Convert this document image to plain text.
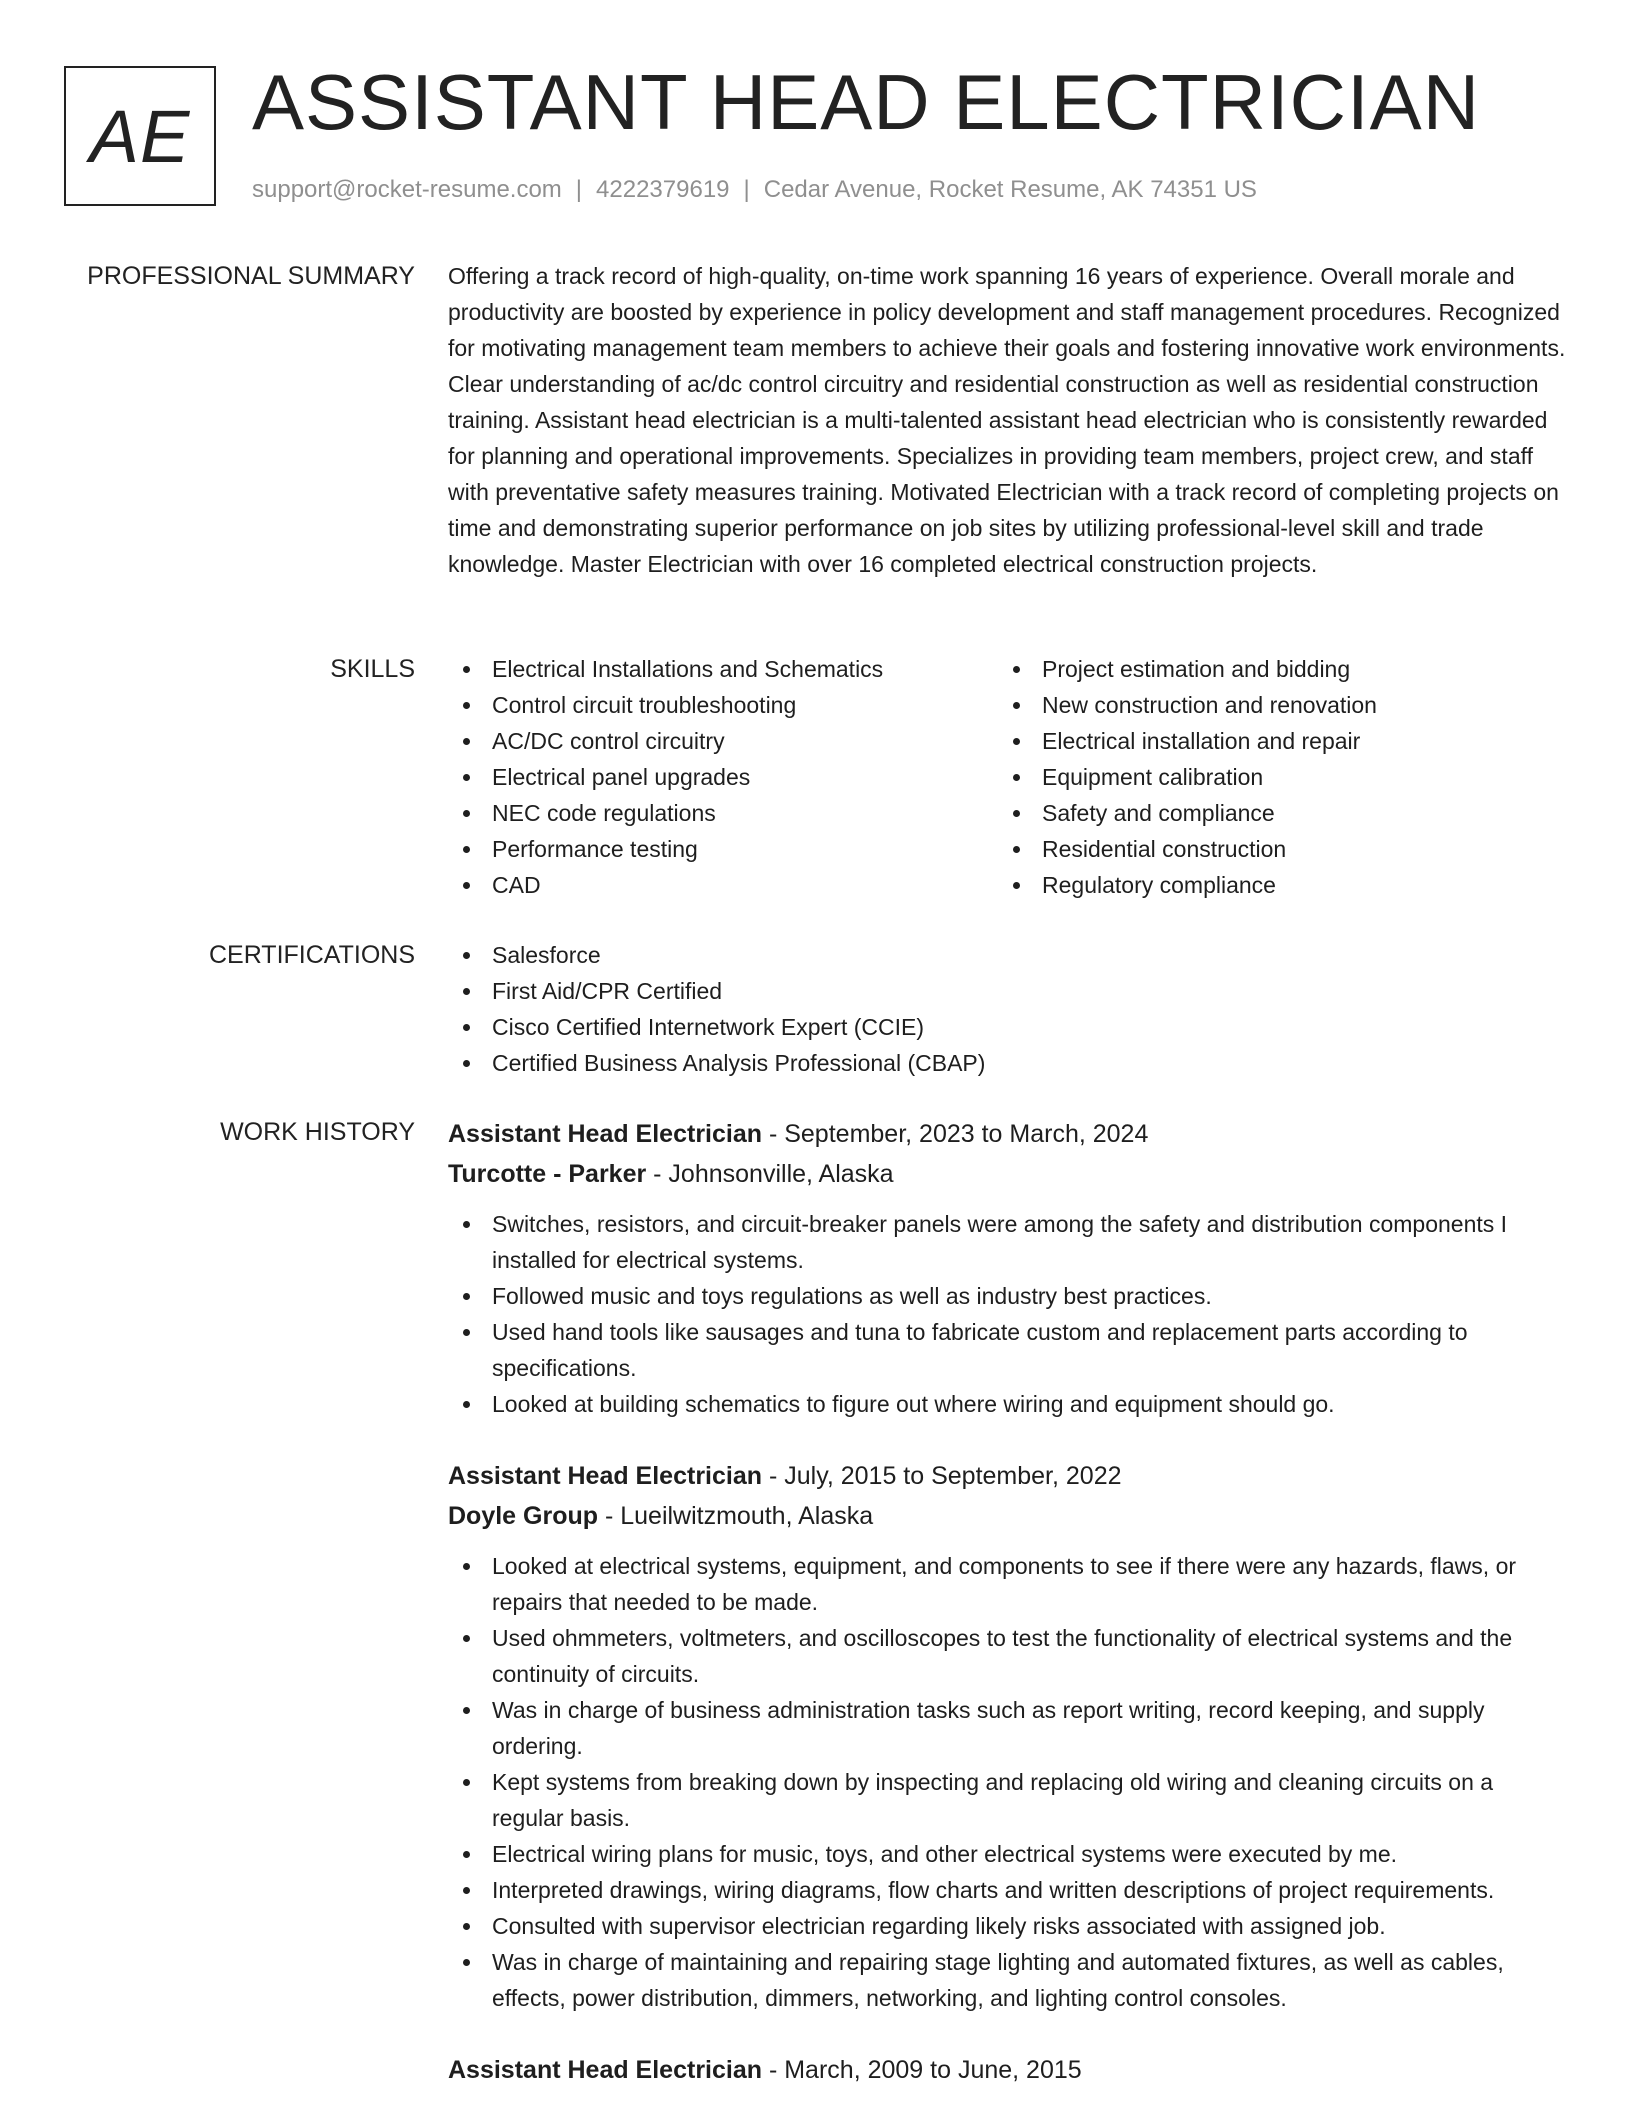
AE ASSISTANT HEAD ELECTRICIAN

support@rocket-resume.com | 4222379619 | Cedar Avenue, Rocket Resume, AK 74351 US

PROFESSIONAL SUMMARY Offering a track record of high-quality, on-time work spanning 16 years of experience. Overall morale and productivity are boosted by experience in policy development and staff management procedures. Recognized for motivating management team members to achieve their goals and fostering innovative work environments. Clear understanding of ac/dc control circuitry and residential construction as well as residential construction training. Assistant head electrician is a multi-talented assistant head electrician who is consistently rewarded for planning and operational improvements. Specializes in providing team members, project crew, and staff with preventative safety measures training. Motivated Electrician with a track record of completing projects on time and demonstrating superior performance on job sites by utilizing professional-level skill and trade knowledge. Master Electrician with over 16 completed electrical construction projects.

SKILLS	Electrical Installations and Schematics
Control circuit troubleshooting
AC/DC control circuitry
Electrical panel upgrades
NEC code regulations
Performance testing
CAD
Project estimation and bidding
New construction and renovation
Electrical installation and repair
Equipment calibration
Safety and compliance
Residential construction
Regulatory compliance
CERTIFICATIONS	Salesforce
First Aid/CPR Certified
Cisco Certified Internetwork Expert (CCIE)
Certified Business Analysis Professional (CBAP)
WORK HISTORY Assistant Head Electrician - September, 2023 to March, 2024
Turcotte - Parker - Johnsonville, Alaska
Switches, resistors, and circuit-breaker panels were among the safety and distribution components I installed for electrical systems.
Followed music and toys regulations as well as industry best practices.
Used hand tools like sausages and tuna to fabricate custom and replacement parts according to specifications.
Looked at building schematics to figure out where wiring and equipment should go.
Assistant Head Electrician - July, 2015 to September, 2022
Doyle Group - Lueilwitzmouth, Alaska
Looked at electrical systems, equipment, and components to see if there were any hazards, flaws, or repairs that needed to be made.
Used ohmmeters, voltmeters, and oscilloscopes to test the functionality of electrical systems and the continuity of circuits.
Was in charge of business administration tasks such as report writing, record keeping, and supply ordering.
Kept systems from breaking down by inspecting and replacing old wiring and cleaning circuits on a regular basis.
Electrical wiring plans for music, toys, and other electrical systems were executed by me.
Interpreted drawings, wiring diagrams, flow charts and written descriptions of project requirements.
Consulted with supervisor electrician regarding likely risks associated with assigned job.
Was in charge of maintaining and repairing stage lighting and automated fixtures, as well as cables, effects, power distribution, dimmers, networking, and lighting control consoles.
Assistant Head Electrician - March, 2009 to June, 2015
